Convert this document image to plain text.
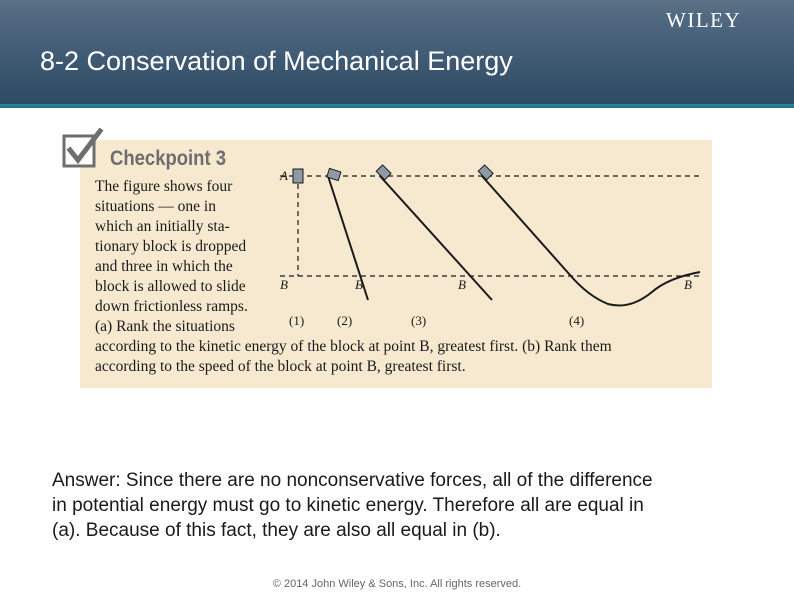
8-2 Conservation of Mechanical Energy
WILEY
Checkpoint 3
The figure shows four
situations — one in
which an initially sta-
tionary block is dropped
and three in which the
block is allowed to slide
down frictionless ramps.
(a) Rank the situations
according to the kinetic energy of the block at point B, greatest first. (b) Rank them
according to the speed of the block at point B, greatest first.
A
B	B	B	B
(1)	(2)	(3)	(4)
Answer: Since there are no nonconservative forces, all of the difference
in potential energy must go to kinetic energy. Therefore all are equal in
(a). Because of this fact, they are also all equal in (b).
© 2014 John Wiley & Sons, Inc. All rights reserved.
